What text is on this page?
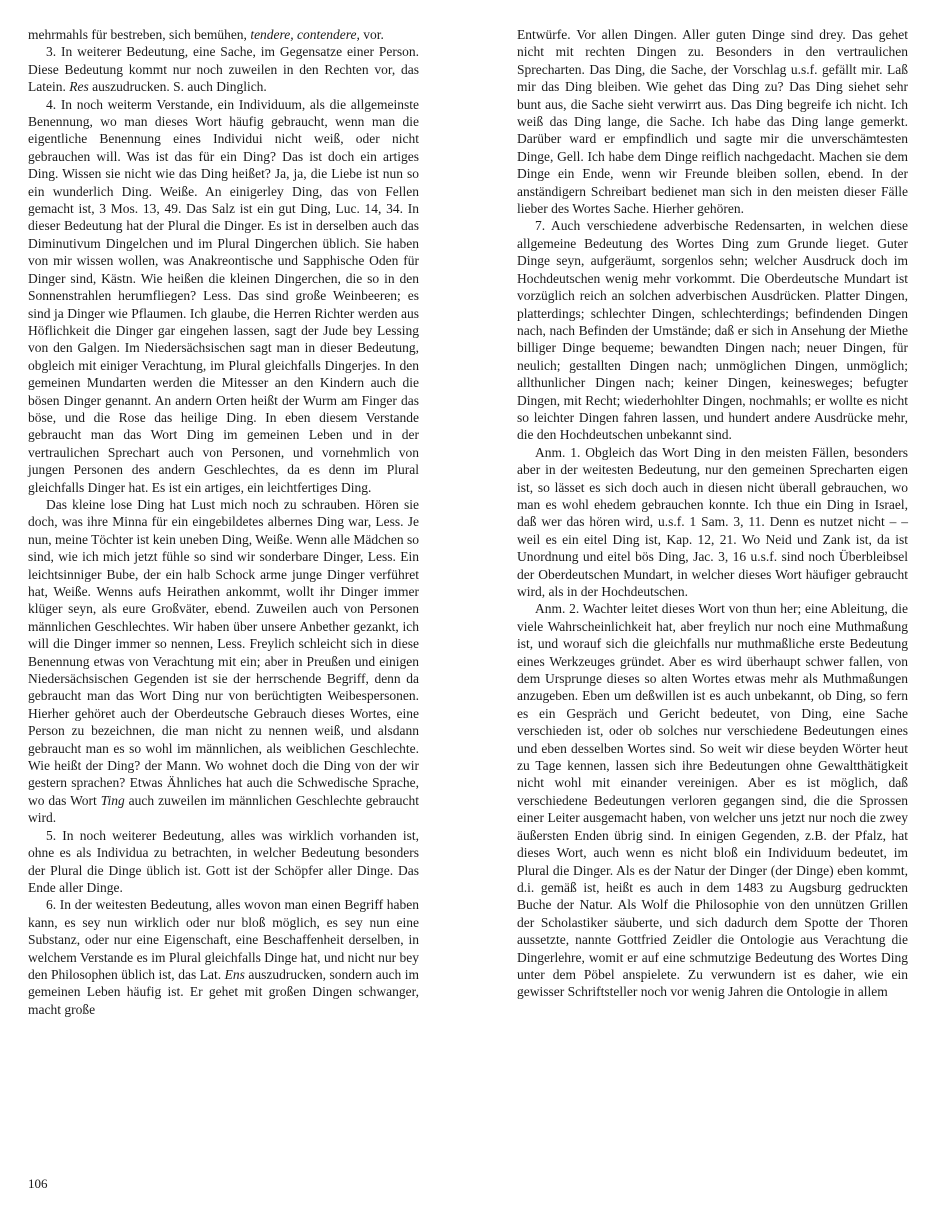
mehrmahls für bestreben, sich bemühen, tendere, contendere, vor.

3. In weiterer Bedeutung, eine Sache, im Gegensatze einer Person. Diese Bedeutung kommt nur noch zuweilen in den Rechten vor, das Latein. Res auszudrucken. S. auch Dinglich.

4. In noch weiterm Verstande, ein Individuum, als die allgemeinste Benennung, wo man dieses Wort häufig gebraucht, wenn man die eigentliche Benennung eines Individui nicht weiß, oder nicht gebrauchen will. Was ist das für ein Ding? Das ist doch ein artiges Ding. Wissen sie nicht wie das Ding heißet? Ja, ja, die Liebe ist nun so ein wunderlich Ding. Weiße. An einigerley Ding, das von Fellen gemacht ist, 3 Mos. 13, 49. Das Salz ist ein gut Ding, Luc. 14, 34. In dieser Bedeutung hat der Plural die Dinger. Es ist in derselben auch das Diminutivum Dingelchen und im Plural Dingerchen üblich. Sie haben von mir wissen wollen, was Anakreontische und Sapphische Oden für Dinger sind, Kästn. Wie heißen die kleinen Dingerchen, die so in den Sonnenstrahlen herumfliegen? Less. Das sind große Weinbeeren; es sind ja Dinger wie Pflaumen. Ich glaube, die Herren Richter werden aus Höflichkeit die Dinger gar eingehen lassen, sagt der Jude bey Lessing von den Galgen. Im Niedersächsischen sagt man in dieser Bedeutung, obgleich mit einiger Verachtung, im Plural gleichfalls Dingerjes. In den gemeinen Mundarten werden die Mitesser an den Kindern auch die bösen Dinger genannt. An andern Orten heißt der Wurm am Finger das böse, und die Rose das heilige Ding. In eben diesem Verstande gebraucht man das Wort Ding im gemeinen Leben und in der vertraulichen Sprechart auch von Personen, und vornehmlich von jungen Personen des andern Geschlechtes, da es denn im Plural gleichfalls Dinger hat. Es ist ein artiges, ein leichtfertiges Ding.

Das kleine lose Ding hat Lust mich noch zu schrauben. Hören sie doch, was ihre Minna für ein eingebildetes albernes Ding war, Less. Je nun, meine Töchter ist kein uneben Ding, Weiße. Wenn alle Mädchen so sind, wie ich mich jetzt fühle so sind wir sonderbare Dinger, Less. Ein leichtsinniger Bube, der ein halb Schock arme junge Dinger verführet hat, Weiße. Wenns aufs Heirathen ankommt, wollt ihr Dinger immer klüger seyn, als eure Großväter, ebend. Zuweilen auch von Personen männlichen Geschlechtes. Wir haben über unsere Anbether gezankt, ich will die Dinger immer so nennen, Less. Freylich schleicht sich in diese Benennung etwas von Verachtung mit ein; aber in Preußen und einigen Niedersächsischen Gegenden ist sie der herrschende Begriff, denn da gebraucht man das Wort Ding nur von berüchtigten Weibespersonen. Hierher gehöret auch der Oberdeutsche Gebrauch dieses Wortes, eine Person zu bezeichnen, die man nicht zu nennen weiß, und alsdann gebraucht man es so wohl im männlichen, als weiblichen Geschlechte. Wie heißt der Ding? der Mann. Wo wohnet doch die Ding von der wir gestern sprachen? Etwas Ähnliches hat auch die Schwedische Sprache, wo das Wort Ting auch zuweilen im männlichen Geschlechte gebraucht wird.

5. In noch weiterer Bedeutung, alles was wirklich vorhanden ist, ohne es als Individua zu betrachten, in welcher Bedeutung besonders der Plural die Dinge üblich ist. Gott ist der Schöpfer aller Dinge. Das Ende aller Dinge.

6. In der weitesten Bedeutung, alles wovon man einen Begriff haben kann, es sey nun wirklich oder nur bloß möglich, es sey nun eine Substanz, oder nur eine Eigenschaft, eine Beschaffenheit derselben, in welchem Verstande es im Plural gleichfalls Dinge hat, und nicht nur bey den Philosophen üblich ist, das Lat. Ens auszudrucken, sondern auch im gemeinen Leben häufig ist. Er gehet mit großen Dingen schwanger, macht große

Entwürfe. Vor allen Dingen. Aller guten Dinge sind drey. Das gehet nicht mit rechten Dingen zu. Besonders in den vertraulichen Sprecharten. Das Ding, die Sache, der Vorschlag u.s.f. gefällt mir. Laß mir das Ding bleiben. Wie gehet das Ding zu? Das Ding siehet sehr bunt aus, die Sache sieht verwirrt aus. Das Ding begreife ich nicht. Ich weiß das Ding lange, die Sache. Ich habe das Ding lange gemerkt. Darüber ward er empfindlich und sagte mir die unverschämtesten Dinge, Gell. Ich habe dem Dinge reiflich nachgedacht. Machen sie dem Dinge ein Ende, wenn wir Freunde bleiben sollen, ebend. In der anständigern Schreibart bedienet man sich in den meisten dieser Fälle lieber des Wortes Sache. Hierher gehören.

7. Auch verschiedene adverbische Redensarten, in welchen diese allgemeine Bedeutung des Wortes Ding zum Grunde lieget. Guter Dinge seyn, aufgeräumt, sorgenlos sehn; welcher Ausdruck doch im Hochdeutschen wenig mehr vorkommt. Die Oberdeutsche Mundart ist vorzüglich reich an solchen adverbischen Ausdrücken. Platter Dingen, platterdings; schlechter Dingen, schlechterdings; befindenden Dingen nach, nach Befinden der Umstände; daß er sich in Ansehung der Miethe billiger Dinge bequeme; bewandten Dingen nach; neuer Dingen, für neulich; gestallten Dingen nach; unmöglichen Dingen, unmöglich; allthunlicher Dingen nach; keiner Dingen, keinesweges; befugter Dingen, mit Recht; wiederhohlter Dingen, nochmahls; er wollte es nicht so leichter Dingen fahren lassen, und hundert andere Ausdrücke mehr, die den Hochdeutschen unbekannt sind.

Anm. 1. Obgleich das Wort Ding in den meisten Fällen, besonders aber in der weitesten Bedeutung, nur den gemeinen Sprecharten eigen ist, so lässet es sich doch auch in diesen nicht überall gebrauchen, wo man es wohl ehedem gebrauchen konnte. Ich thue ein Ding in Israel, daß wer das hören wird, u.s.f. 1 Sam. 3, 11. Denn es nutzet nicht – – weil es ein eitel Ding ist, Kap. 12, 21. Wo Neid und Zank ist, da ist Unordnung und eitel bös Ding, Jac. 3, 16 u.s.f. sind noch Überbleibsel der Oberdeutschen Mundart, in welcher dieses Wort häufiger gebraucht wird, als in der Hochdeutschen.

Anm. 2. Wachter leitet dieses Wort von thun her; eine Ableitung, die viele Wahrscheinlichkeit hat, aber freylich nur noch eine Muthmaßung ist, und worauf sich die gleichfalls nur muthmaßliche erste Bedeutung eines Werkzeuges gründet. Aber es wird überhaupt schwer fallen, von dem Ursprunge dieses so alten Wortes etwas mehr als Muthmaßungen anzugeben. Eben um deßwillen ist es auch unbekannt, ob Ding, so fern es ein Gespräch und Gericht bedeutet, von Ding, eine Sache verschieden ist, oder ob solches nur verschiedene Bedeutungen eines und eben desselben Wortes sind. So weit wir diese beyden Wörter heut zu Tage kennen, lassen sich ihre Bedeutungen ohne Gewaltthätigkeit nicht wohl mit einander vereinigen. Aber es ist möglich, daß verschiedene Bedeutungen verloren gegangen sind, die die Sprossen einer Leiter ausgemacht haben, von welcher uns jetzt nur noch die zwey äußersten Enden übrig sind. In einigen Gegenden, z.B. der Pfalz, hat dieses Wort, auch wenn es nicht bloß ein Individuum bedeutet, im Plural die Dinger. Als es der Natur der Dinger (der Dinge) eben kommt, d.i. gemäß ist, heißt es auch in dem 1483 zu Augsburg gedruckten Buche der Natur. Als Wolf die Philosophie von den unnützen Grillen der Scholastiker säuberte, und sich dadurch dem Spotte der Thoren aussetzte, nannte Gottfried Zeidler die Ontologie aus Verachtung die Dingerlehre, womit er auf eine schmutzige Bedeutung des Wortes Ding unter dem Pöbel anspielete. Zu verwundern ist es daher, wie ein gewisser Schriftsteller noch vor wenig Jahren die Ontologie in allem

106
